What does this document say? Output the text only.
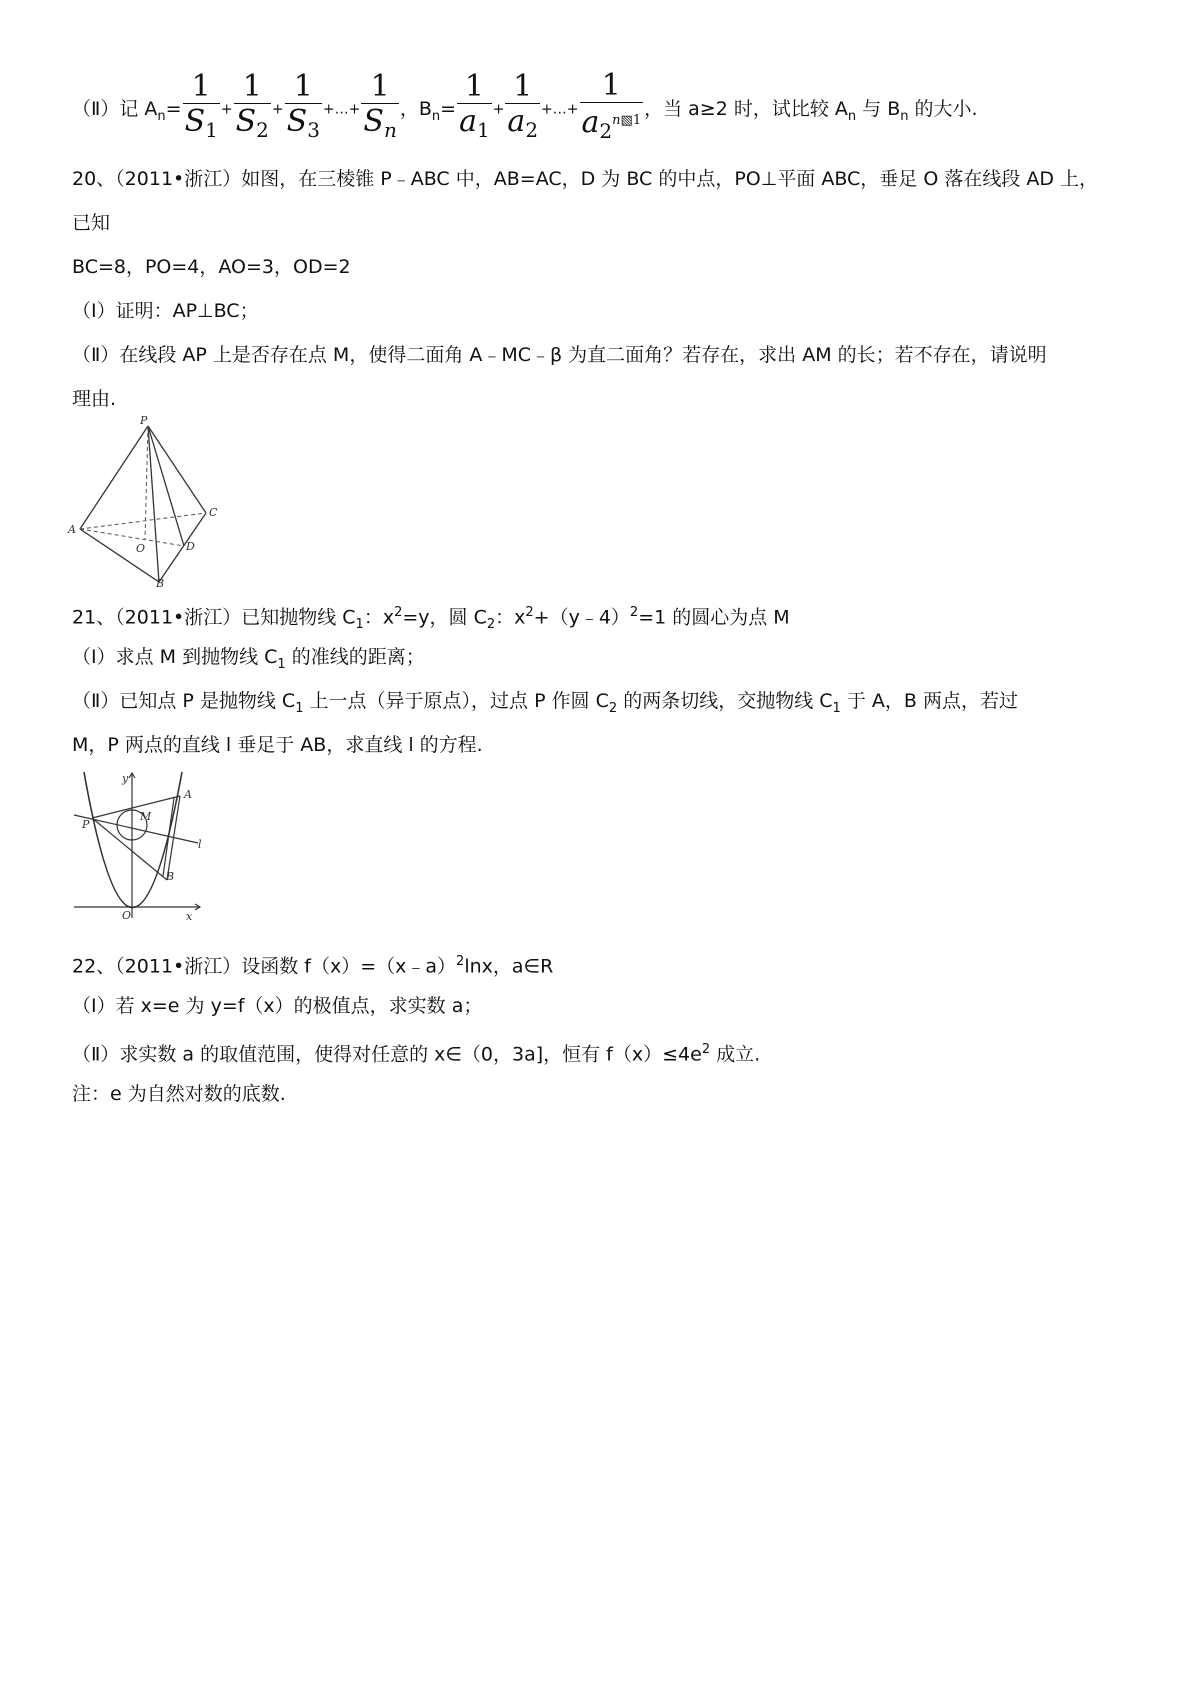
（Ⅱ）记 $A_n= \frac{1}{S_1} + \frac{1}{S_2} + \frac{1}{S_3}$ +…+ $\frac{1}{S_n}$ ，$B_n= \frac{1}{a_1} + \frac{1}{a_2}$ +…+ $\frac{1}{a_2^{n▧1}}$ ，当 a≥2 时，试比较 $A_n$ 与 $B_n$ 的大小.
20、（2011•浙江）如图，在三棱锥 P﹣ABC 中，AB=AC，D 为 BC 的中点，PO⊥平面 ABC，垂足 O 落在线段 AD 上，
已知
BC=8，PO=4，AO=3，OD=2
（Ⅰ）证明：AP⊥BC；
（Ⅱ）在线段 AP 上是否存在点 M，使得二面角 A﹣MC﹣β 为直二面角？若存在，求出 AM 的长；若不存在，请说明
理由.
P
A
B
C
D
O
21、（2011•浙江）已知抛物线 $C_1$：$x^2=y$，圆 $C_2$：$x^2+(y﹣4)^2=1$ 的圆心为点 M
（Ⅰ）求点 M 到抛物线 $C_1$ 的准线的距离；
（Ⅱ）已知点 P 是抛物线 $C_1$ 上一点（异于原点），过点 P 作圆 $C_2$ 的两条切线，交抛物线 $C_1$ 于 A，B 两点，若过
M，P 两点的直线 l 垂足于 AB，求直线 l 的方程.
y
x
O
P
A
B
M
l
22、（2011•浙江）设函数 f（x）=（x﹣a）$^2$lnx，a∈R
（Ⅰ）若 x=e 为 y=f（x）的极值点，求实数 a；
（Ⅱ）求实数 a 的取值范围，使得对任意的 x∈（0，3a]，恒有 $f(x)\le 4e^2$ 成立.
注：e 为自然对数的底数.
